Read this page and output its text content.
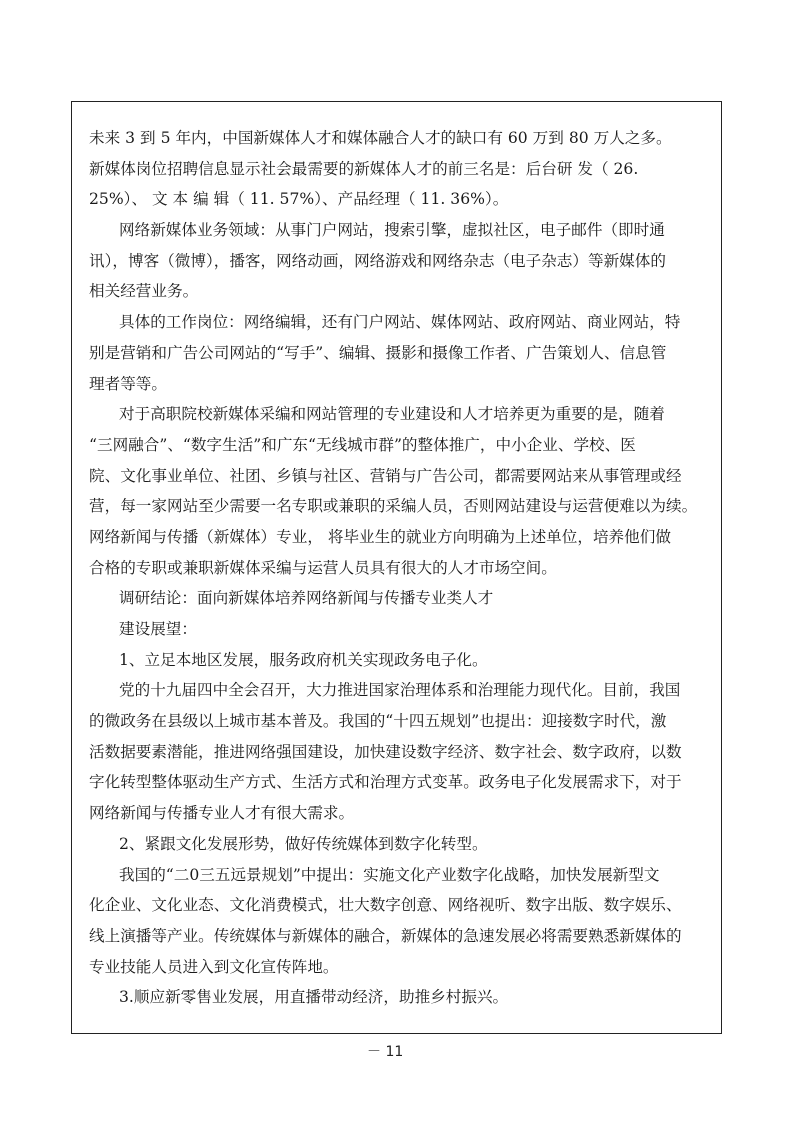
未来 3 到 5 年内，中国新媒体人才和媒体融合人才的缺口有 60 万到 80 万人之多。
新媒体岗位招聘信息显示社会最需要的新媒体人才的前三名是：后台研 发（ 26.
25%）、 文 本 编 辑（ 11. 57%）、产品经理（ 11. 36%）。
网络新媒体业务领域：从事门户网站，搜索引擎，虚拟社区，电子邮件（即时通
讯），博客（微博），播客，网络动画，网络游戏和网络杂志（电子杂志）等新媒体的
相关经营业务。
具体的工作岗位：网络编辑，还有门户网站、媒体网站、政府网站、商业网站，特
别是营销和广告公司网站的“写手”、编辑、摄影和摄像工作者、广告策划人、信息管
理者等等。
对于高职院校新媒体采编和网站管理的专业建设和人才培养更为重要的是，随着
“三网融合”、“数字生活”和广东“无线城市群”的整体推广，中小企业、学校、医
院、文化事业单位、社团、乡镇与社区、营销与广告公司，都需要网站来从事管理或经
营，每一家网站至少需要一名专职或兼职的采编人员，否则网站建设与运营便难以为续。
网络新闻与传播（新媒体）专业， 将毕业生的就业方向明确为上述单位，培养他们做
合格的专职或兼职新媒体采编与运营人员具有很大的人才市场空间。
调研结论：面向新媒体培养网络新闻与传播专业类人才
建设展望：
1、立足本地区发展，服务政府机关实现政务电子化。
党的十九届四中全会召开，大力推进国家治理体系和治理能力现代化。目前，我国
的微政务在县级以上城市基本普及。我国的“十四五规划”也提出：迎接数字时代，激
活数据要素潜能，推进网络强国建设，加快建设数字经济、数字社会、数字政府，以数
字化转型整体驱动生产方式、生活方式和治理方式变革。政务电子化发展需求下，对于
网络新闻与传播专业人才有很大需求。
2、紧跟文化发展形势，做好传统媒体到数字化转型。
我国的“二0三五远景规划”中提出：实施文化产业数字化战略，加快发展新型文
化企业、文化业态、文化消费模式，壮大数字创意、网络视听、数字出版、数字娱乐、
线上演播等产业。传统媒体与新媒体的融合，新媒体的急速发展必将需要熟悉新媒体的
专业技能人员进入到文化宣传阵地。
3.顺应新零售业发展，用直播带动经济，助推乡村振兴。
－ 11
